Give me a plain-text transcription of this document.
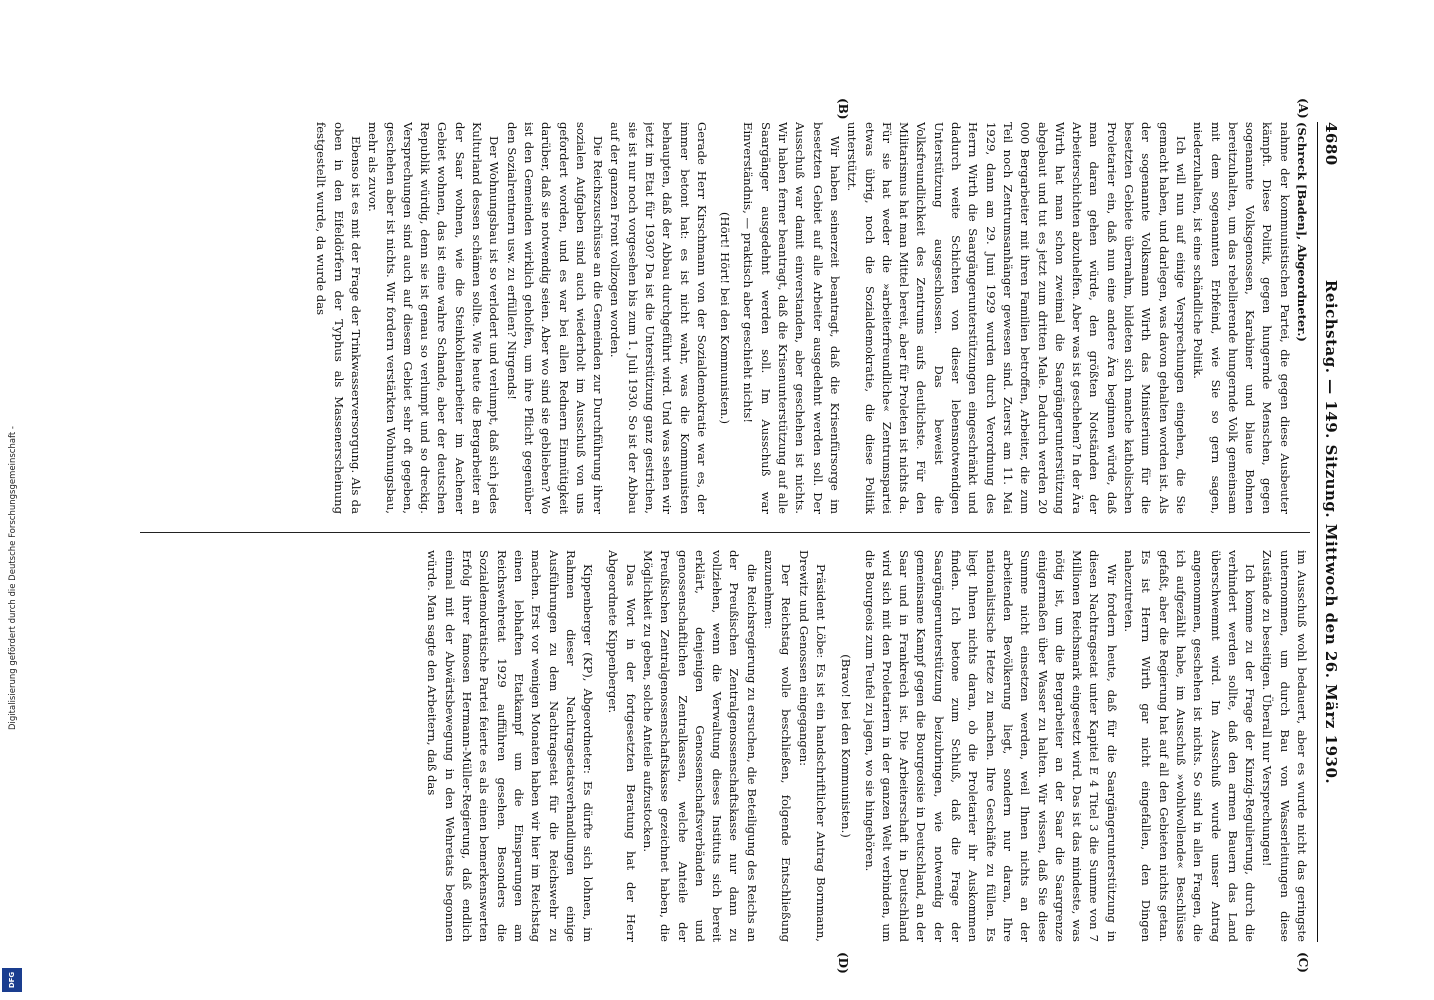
4680
Reichstag. — 149. Sitzung. Mittwoch den 26. März 1930.
(A)
(B)
(C)
(D)

(Schreck [Baden], Abgeordneter.)

nahme der kommunistischen Partei, die gegen diese Ausbeuter kämpft. Diese Politik, gegen hungernde Menschen, gegen sogenannte Volksgenossen, Karabiner und blaue Bohnen bereitzuhalten, um das rebellierende hungernde Volk gemeinsam mit dem sogenannten Erbfeind, wie Sie so gern sagen, niederzuhalten, ist eine schändliche Politik.

Ich will nun auf einige Versprechungen eingehen, die Sie gemacht haben, und darlegen, was davon gehalten worden ist. Als der sogenannte Volksmann Wirth das Ministerium für die besetzten Gebiete übernahm, bildeten sich manche katholischen Proletarier ein, daß nun eine andere Ära beginnen würde, daß man daran gehen würde, den größten Notständen der Arbeiterschichten abzuhelfen. Aber was ist geschehen? In der Ära Wirth hat man schon zweimal die Saargängerunterstützung abgebaut und tut es jetzt zum dritten Male. Dadurch werden 20 000 Bergarbeiter mit ihren Familien betroffen, Arbeiter, die zum Teil noch Zentrumsanhänger gewesen sind. Zuerst am 11. Mai 1929, dann am 29. Juni 1929 wurden durch Verordnung des Herrn Wirth die Saargängerunterstützungen eingeschränkt und dadurch weite Schichten von dieser lebensnotwendigen Unterstützung ausgeschlossen. Das beweist die Volksfreundlichkeit des Zentrums aufs deutlichste. Für den Militarismus hat man Mittel bereit, aber für Proleten ist nichts da. Für sie hat weder die »arbeiterfreundliche« Zentrumspartei etwas übrig, noch die Sozialdemokratie, die diese Politik unterstützt.

Wir haben seinerzeit beantragt, daß die Krisenfürsorge im besetzten Gebiet auf alle Arbeiter ausgedehnt werden soll. Der Ausschuß war damit einverstanden, aber geschehen ist nichts. Wir haben ferner beantragt, daß die Krisenunterstützung auf alle Saargänger ausgedehnt werden soll. Im Ausschuß war Einverständnis, — praktisch aber geschieht nichts!

(Hört! Hört! bei den Kommunisten.)

Gerade Herr Kirschmann von der Sozialdemokratie war es, der immer betont hat: es ist nicht wahr, was die Kommunisten behaupten, daß der Abbau durchgeführt wird. Und was sehen wir jetzt im Etat für 1930? Da ist die Unterstützung ganz gestrichen, sie ist nur noch vorgesehen bis zum 1. Juli 1930. So ist der Abbau auf der ganzen Front vollzogen worden.

Die Reichszuschüsse an die Gemeinden zur Durchführung ihrer sozialen Aufgaben sind auch wiederholt im Ausschuß von uns gefordert worden, und es war bei allen Rednern Einmütigkeit darüber, daß sie notwendig seien. Aber wo sind sie geblieben? Wo ist den Gemeinden wirklich geholfen, um ihre Pflicht gegenüber den Sozialrentnern usw. zu erfüllen? Nirgends!

Der Wohnungsbau ist so verlodert und verlumpt, daß sich jedes Kulturland dessen schämen sollte. Wie heute die Bergarbeiter an der Saar wohnen, wie die Steinkohlenarbeiter im Aachener Gebiet wohnen, das ist eine wahre Schande, aber der deutschen Republik würdig, denn sie ist genau so verlumpt und so dreckig. Versprechungen sind auch auf diesem Gebiet sehr oft gegeben, geschehen aber ist nichts. Wir fordern verstärkten Wohnungsbau, mehr als zuvor.

Ebenso ist es mit der Frage der Trinkwasserversorgung. Als da oben in den Eifeldörfern der Typhus als Massenerscheinung festgestellt wurde, da wurde das

im Ausschuß wohl bedauert, aber es wurde nicht das geringste unternommen, um durch Bau von Wasserleitungen diese Zustände zu beseitigen. Überall nur Versprechungen!

Ich komme zu der Frage der Kinzig-Regulierung, durch die verhindert werden sollte, daß den armen Bauern das Land überschwemmt wird. Im Ausschuß wurde unser Antrag angenommen, geschehen ist nichts. So sind in allen Fragen, die ich aufgezählt habe, im Ausschuß »wohlwollende« Beschlüsse gefaßt, aber die Regierung hat auf all den Gebieten nichts getan. Es ist Herrn Wirth gar nicht eingefallen, den Dingen nahezutreten.

Wir fordern heute, daß für die Saargängerunterstützung in diesen Nachtragsetat unter Kapitel E 4 Titel 3 die Summe von 7 Millionen Reichsmark eingesetzt wird. Das ist das mindeste, was nötig ist, um die Bergarbeiter an der Saar die Saargrenze einigermaßen über Wasser zu halten. Wir wissen, daß Sie diese Summe nicht einsetzen werden, weil Ihnen nichts an der arbeitenden Bevölkerung liegt, sondern nur daran, Ihre nationalistische Hetze zu machen. Ihre Geschäfte zu füllen. Es liegt Ihnen nichts daran, ob die Proletarier ihr Auskommen finden. Ich betone zum Schluß, daß die Frage der Saargängerunterstützung beizubringen, wie notwendig der gemeinsame Kampf gegen die Bourgeoisie in Deutschland, an der Saar und in Frankreich ist. Die Arbeiterschaft in Deutschland wird sich mit den Proletariern in der ganzen Welt verbinden, um die Bourgeois zum Teufel zu jagen, wo sie hingehören.

(Bravo! bei den Kommunisten.)

Präsident Löbe: Es ist ein handschriftlicher Antrag Bornmann, Drewitz und Genossen eingegangen:

Der Reichstag wolle beschließen, folgende Entschließung anzunehmen:

die Reichsregierung zu ersuchen, die Beteiligung des Reichs an der Preußischen Zentralgenossenschaftskasse nur dann zu vollziehen, wenn die Verwaltung dieses Instituts sich bereit erklärt, denjenigen Genossenschaftsverbänden und genossenschaftlichen Zentralkassen, welche Anteile der Preußischen Zentralgenossenschaftskasse gezeichnet haben, die Möglichkeit zu geben, solche Anteile aufzustocken.

Das Wort in der fortgesetzten Beratung hat der Herr Abgeordnete Kippenberger.

Kippenberger (KP), Abgeordneter: Es dürfte sich lohnen, im Rahmen dieser Nachtragsetatsverhandlungen einige Ausführungen zu dem Nachtragsetat für die Reichswehr zu machen. Erst vor wenigen Monaten haben wir hier im Reichstag einen lebhaften Etatkampf um die Einsparungen am Reichswehretat 1929 aufführen gesehen. Besonders die Sozialdemokratische Partei feierte es als einen bemerkenswerten Erfolg ihrer famosen Hermann-Müller-Regierung, daß endlich einmal mit der Abwärtsbewegung in den Wehretats begonnen würde. Man sagte den Arbeitern, daß das

Digitalisierung gefördert durch die Deutsche Forschungsgemeinschaft -
DFG
